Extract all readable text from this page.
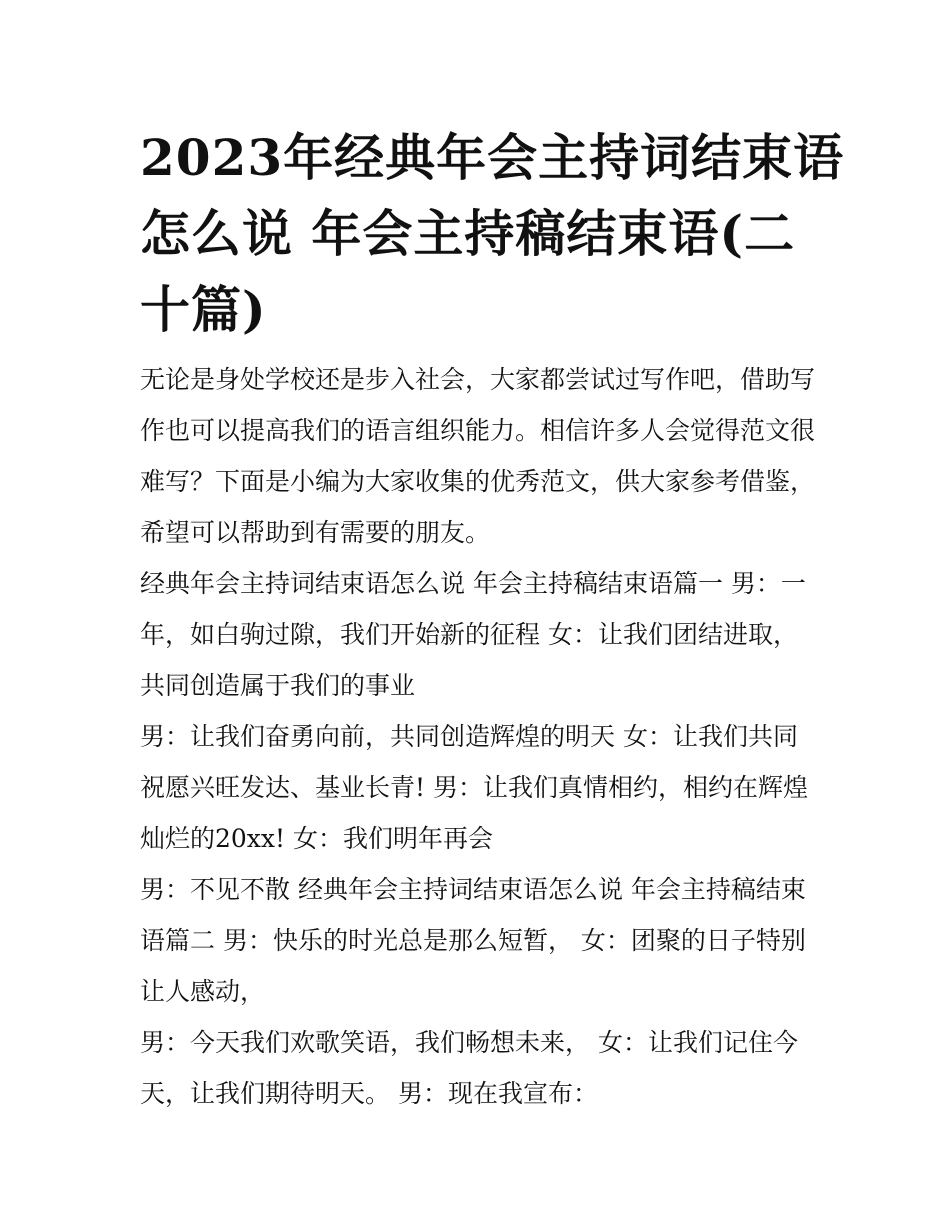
2023年经典年会主持词结束语
怎么说 年会主持稿结束语(二
十篇)
无论是身处学校还是步入社会，大家都尝试过写作吧，借助写
作也可以提高我们的语言组织能力。相信许多人会觉得范文很
难写？下面是小编为大家收集的优秀范文，供大家参考借鉴，
希望可以帮助到有需要的朋友。
经典年会主持词结束语怎么说 年会主持稿结束语篇一 男：一
年，如白驹过隙，我们开始新的征程 女：让我们团结进取，
共同创造属于我们的事业
男：让我们奋勇向前，共同创造辉煌的明天 女：让我们共同
祝愿兴旺发达、基业长青! 男：让我们真情相约，相约在辉煌
灿烂的20xx! 女：我们明年再会
男：不见不散 经典年会主持词结束语怎么说 年会主持稿结束
语篇二 男：快乐的时光总是那么短暂， 女：团聚的日子特别
让人感动，
男：今天我们欢歌笑语，我们畅想未来， 女：让我们记住今
天，让我们期待明天。 男：现在我宣布：
